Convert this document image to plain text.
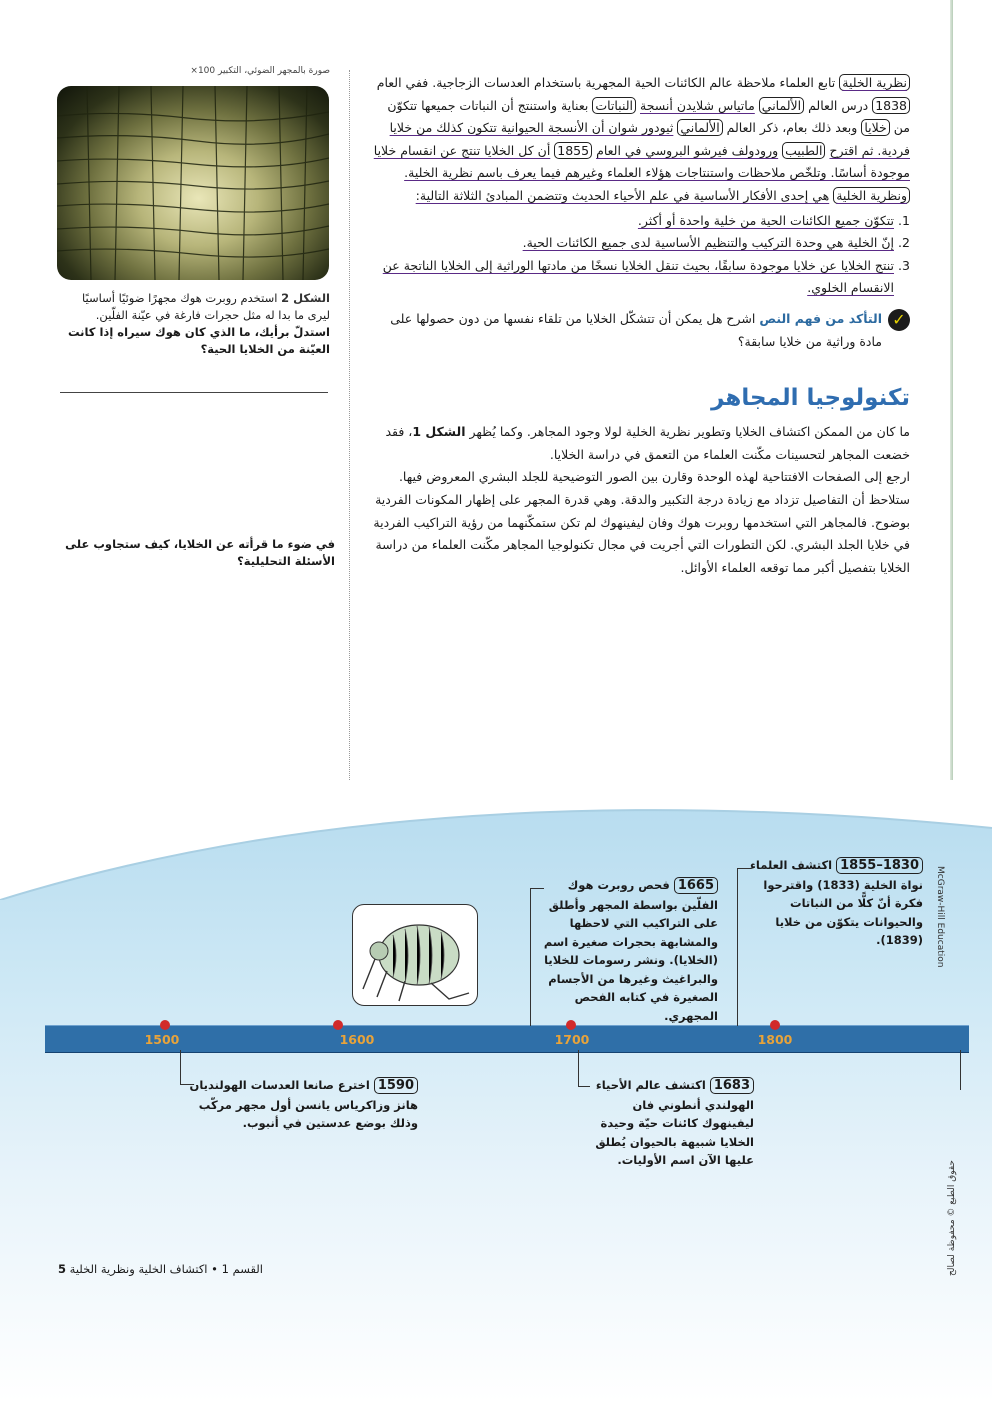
صورة بالمجهر الضوئي، التكبير 100×
الشكل 2 استخدم روبرت هوك مجهرًا ضوئيًا أساسيًا ليرى ما بدا له مثل حجرات فارغة في عيّنة الفلّين.
استدلّ برأيك، ما الذي كان هوك سيراه إذا كانت العيّنة من الخلايا الحية؟
في ضوء ما قرأته عن الخلايا، كيف ستجاوب على الأسئلة التحليلية؟

نظرية الخلية تابع العلماء ملاحظة عالم الكائنات الحية المجهرية باستخدام العدسات الزجاجية. ففي العام 1838 درس العالم الألماني ماتياس شلايدن أنسجة النباتات بعناية واستنتج أن النباتات جميعها تتكوّن من خلايا وبعد ذلك بعام، ذكر العالم الألماني ثيودور شوان أن الأنسجة الحيوانية تتكون كذلك من خلايا فردية. ثم اقترح الطبيب ورودولف فيرشو البروسي في العام 1855 أن كل الخلايا تنتج عن انقسام خلايا موجودة أساسًا. وتلخّص ملاحظات واستنتاجات هؤلاء العلماء وغيرهم فيما يعرف باسم نظرية الخلية. ونظرية الخلية هي إحدى الأفكار الأساسية في علم الأحياء الحديث وتتضمن المبادئ الثلاثة التالية:

1. تتكوّن جميع الكائنات الحية من خلية واحدة أو أكثر.
2. إنّ الخلية هي وحدة التركيب والتنظيم الأساسية لدى جميع الكائنات الحية.
3. تنتج الخلايا عن خلايا موجودة سابقًا، بحيث تنقل الخلايا نسخًا من مادتها الوراثية إلى الخلايا الناتجة عن الانقسام الخلوي.
✓
التأكد من فهم النص اشرح هل يمكن أن تتشكّل الخلايا من تلقاء نفسها من دون حصولها على مادة وراثية من خلايا سابقة؟
تكنولوجيا المجاهر

ما كان من الممكن اكتشاف الخلايا وتطوير نظرية الخلية لولا وجود المجاهر. وكما يُظهر الشكل 1، فقد خضعت المجاهر لتحسينات مكّنت العلماء من التعمق في دراسة الخلايا.

ارجع إلى الصفحات الافتتاحية لهذه الوحدة وقارن بين الصور التوضيحية للجلد البشري المعروض فيها. ستلاحظ أن التفاصيل تزداد مع زيادة درجة التكبير والدقة. وهي قدرة المجهر على إظهار المكونات الفردية بوضوح. فالمجاهر التي استخدمها روبرت هوك وفان ليفينهوك لم تكن ستمكّنهما من رؤية التراكيب الفردية في خلايا الجلد البشري. لكن التطورات التي أجريت في مجال تكنولوجيا المجاهر مكّنت العلماء من دراسة الخلايا بتفصيل أكبر مما توقعه العلماء الأوائل.

1500	1600	1700	1800
1830–1855 اكتشف العلماء نواة الخلية (1833) واقترحوا فكرة أنّ كلًّا من النباتات والحيوانات يتكوّن من خلايا (1839).
1665 فحص روبرت هوك الفلّين بواسطة المجهر وأطلق على التراكيب التي لاحظها والمشابهة بحجرات صغيرة اسم (الخلايا). ونشر رسومات للخلايا والبراغيث وغيرها من الأجسام الصغيرة في كتابه الفحص المجهري.
1590 اخترع صانعا العدسات الهولنديان هانز وزاكرياس يانسن أول مجهر مركّب وذلك بوضع عدستين في أنبوب.
1683 اكتشف عالم الأحياء الهولندي أنطوني فان ليفينهوك كائنات حيّة وحيدة الخلايا شبيهة بالحيوان يُطلق عليها الآن اسم الأوليات.
McGraw-Hill Education
حقوق الطبع © محفوظة لصالح
القسم 1 • اكتشاف الخلية ونظرية الخلية 5
